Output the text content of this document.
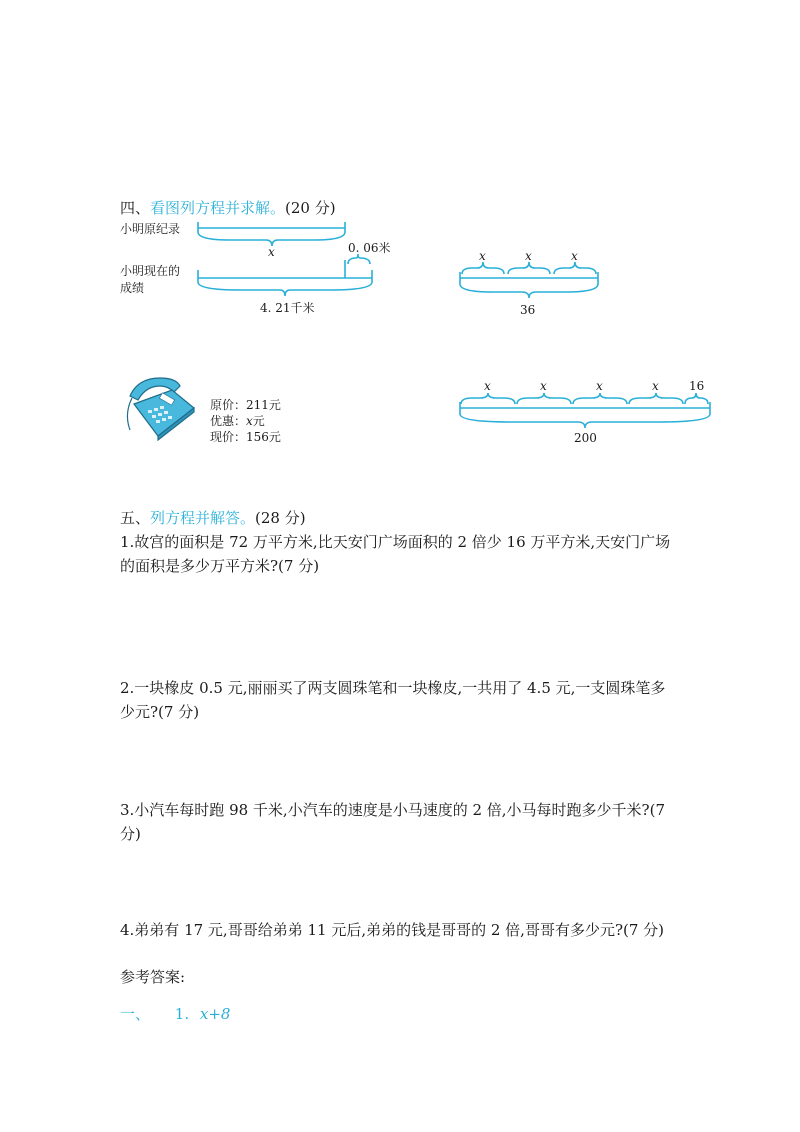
四、看图列方程并求解。(20 分)
小明原纪录
小明现在的
成绩
x	0. 06米
4. 21千米
x	x	x
36
原价：211元
优惠：x元
现价：156元
x	x	x	x	16
200
五、列方程并解答。(28 分)
1.故宫的面积是 72 万平方米,比天安门广场面积的 2 倍少 16 万平方米,天安门广场的面积是多少万平方米?(7 分)
2.一块橡皮 0.5 元,丽丽买了两支圆珠笔和一块橡皮,一共用了 4.5 元,一支圆珠笔多少元?(7 分)
3.小汽车每时跑 98 千米,小汽车的速度是小马速度的 2 倍,小马每时跑多少千米?(7 分)
4.弟弟有 17 元,哥哥给弟弟 11 元后,弟弟的钱是哥哥的 2 倍,哥哥有多少元?(7 分)
参考答案:
一、 1. x+8
